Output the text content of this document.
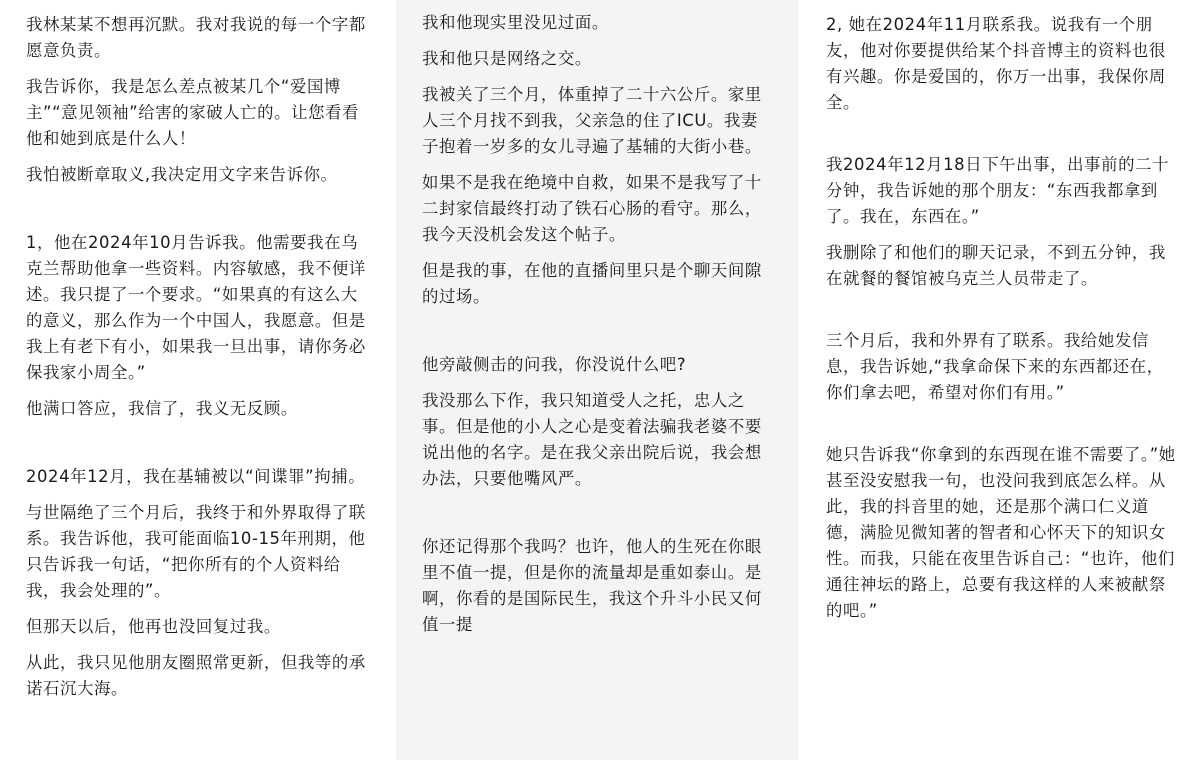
我林某某不想再沉默。我对我说的每一个字都愿意负责。

我告诉你，我是怎么差点被某几个“爱国博主”“意见领袖”给害的家破人亡的。让您看看他和她到底是什么人！

我怕被断章取义,我决定用文字来告诉你。

1，他在2024年10月告诉我。他需要我在乌克兰帮助他拿一些资料。内容敏感，我不便详述。我只提了一个要求。“如果真的有这么大的意义，那么作为一个中国人，我愿意。但是我上有老下有小，如果我一旦出事，请你务必保我家小周全。”

他满口答应，我信了，我义无反顾。

2024年12月，我在基辅被以“间谍罪”拘捕。

与世隔绝了三个月后，我终于和外界取得了联系。我告诉他，我可能面临10-15年刑期，他只告诉我一句话，“把你所有的个人资料给我，我会处理的”。

但那天以后，他再也没回复过我。

从此，我只见他朋友圈照常更新，但我等的承诺石沉大海。

我和他现实里没见过面。

我和他只是网络之交。

我被关了三个月，体重掉了二十六公斤。家里人三个月找不到我，父亲急的住了ICU。我妻子抱着一岁多的女儿寻遍了基辅的大街小巷。

如果不是我在绝境中自救，如果不是我写了十二封家信最终打动了铁石心肠的看守。那么，我今天没机会发这个帖子。

但是我的事，在他的直播间里只是个聊天间隙的过场。

他旁敲侧击的问我，你没说什么吧?

我没那么下作，我只知道受人之托，忠人之事。但是他的小人之心是变着法骗我老婆不要说出他的名字。是在我父亲出院后说，我会想办法，只要他嘴风严。

你还记得那个我吗？也许，他人的生死在你眼里不值一提，但是你的流量却是重如泰山。是啊，你看的是国际民生，我这个升斗小民又何值一提

2, 她在2024年11月联系我。说我有一个朋友，他对你要提供给某个抖音博主的资料也很有兴趣。你是爱国的，你万一出事，我保你周全。

我2024年12月18日下午出事，出事前的二十分钟，我告诉她的那个朋友：“东西我都拿到了。我在，东西在。”

我删除了和他们的聊天记录，不到五分钟，我在就餐的餐馆被乌克兰人员带走了。

三个月后，我和外界有了联系。我给她发信息，我告诉她,“我拿命保下来的东西都还在，你们拿去吧，希望对你们有用。”

她只告诉我“你拿到的东西现在谁不需要了。”她甚至没安慰我一句，也没问我到底怎么样。从此，我的抖音里的她，还是那个满口仁义道德，满脸见微知著的智者和心怀天下的知识女性。而我，只能在夜里告诉自己：“也许，他们通往神坛的路上，总要有我这样的人来被献祭的吧。”
